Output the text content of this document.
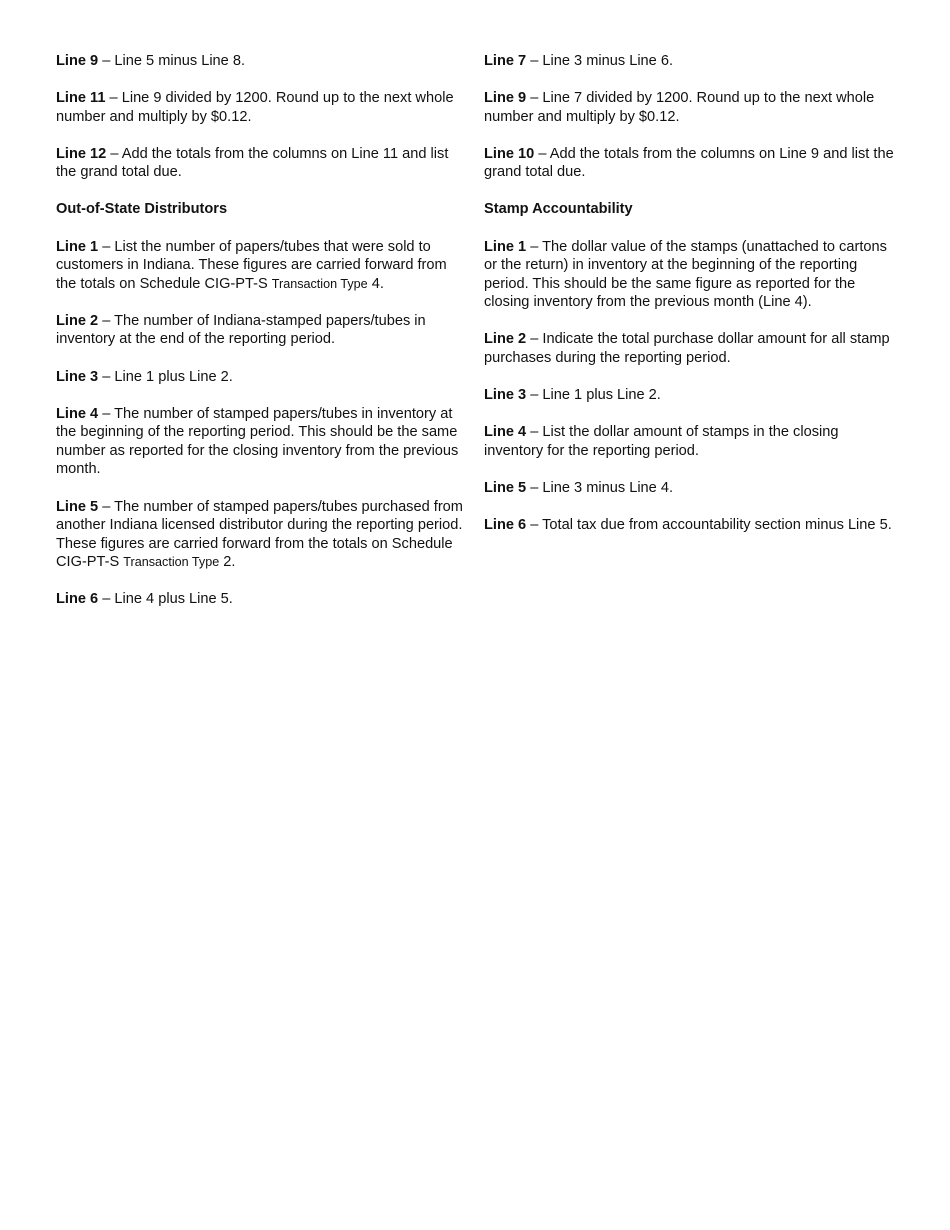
Line 9 – Line 5 minus Line 8.

Line 11 – Line 9 divided by 1200. Round up to the next whole number and multiply by $0.12.

Line 12 – Add the totals from the columns on Line 11 and list the grand total due.

Out-of-State Distributors

Line 1 – List the number of papers/tubes that were sold to customers in Indiana. These figures are carried forward from the totals on Schedule CIG-PT-S Transaction Type 4.

Line 2 – The number of Indiana-stamped papers/tubes in inventory at the end of the reporting period.

Line 3 – Line 1 plus Line 2.

Line 4 – The number of stamped papers/tubes in inventory at the beginning of the reporting period. This should be the same number as reported for the closing inventory from the previous month.

Line 5 – The number of stamped papers/tubes purchased from another Indiana licensed distributor during the reporting period. These figures are carried forward from the totals on Schedule CIG-PT-S Transaction Type 2.

Line 6 – Line 4 plus Line 5.

Line 7 – Line 3 minus Line 6.

Line 9 – Line 7 divided by 1200. Round up to the next whole number and multiply by $0.12.

Line 10 – Add the totals from the columns on Line 9 and list the grand total due.

Stamp Accountability

Line 1 – The dollar value of the stamps (unattached to cartons or the return) in inventory at the beginning of the reporting period. This should be the same figure as reported for the closing inventory from the previous month (Line 4).

Line 2 – Indicate the total purchase dollar amount for all stamp purchases during the reporting period.

Line 3 – Line 1 plus Line 2.

Line 4 – List the dollar amount of stamps in the closing inventory for the reporting period.

Line 5 – Line 3 minus Line 4.

Line 6 – Total tax due from accountability section minus Line 5.
